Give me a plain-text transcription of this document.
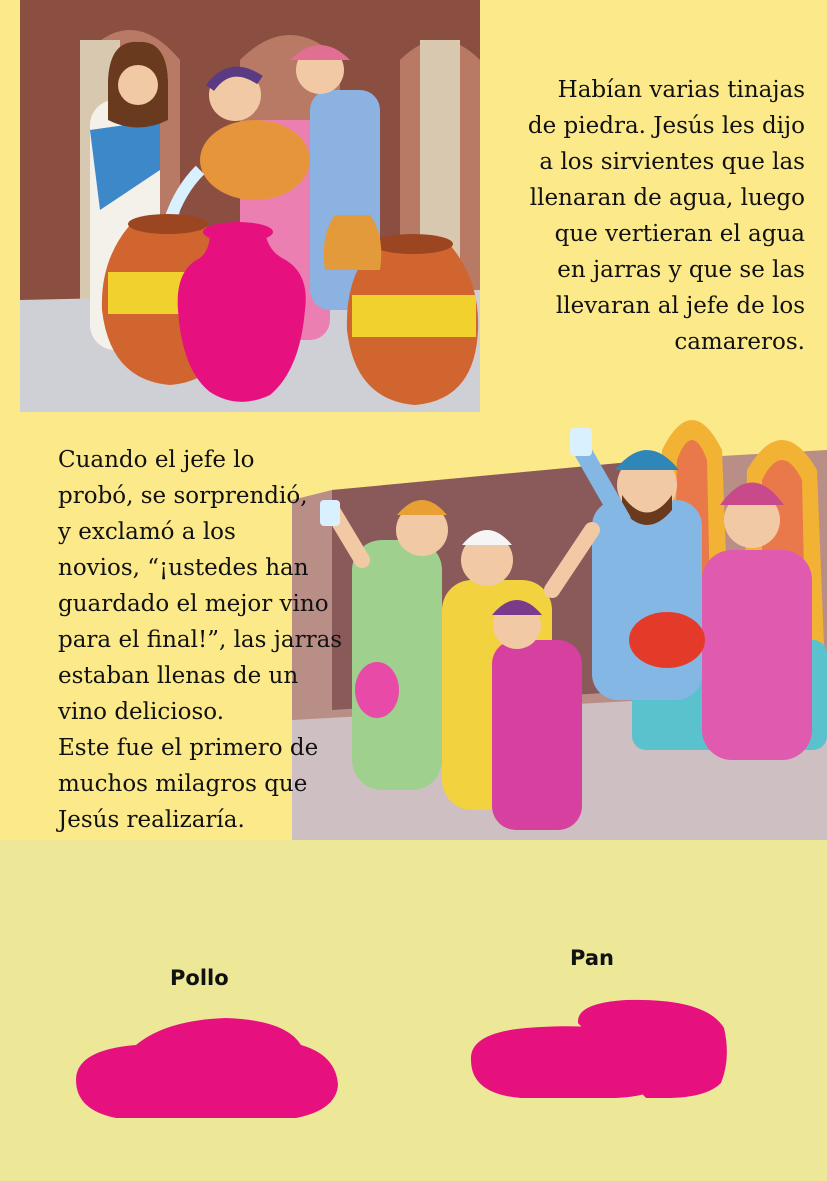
Habían varias tinajas
de piedra. Jesús les dijo
a los sirvientes que las
llenaran de agua, luego
que vertieran el agua
en jarras y que se las
llevaran al jefe de los
camareros.
Cuando el jefe lo
probó, se sorprendió,
y exclamó a los
novios, “¡ustedes han
guardado el mejor vino
para el final!”, las jarras
estaban llenas de un
vino delicioso.
Este fue el primero de
muchos milagros que
Jesús realizaría.
Pollo
Pan
